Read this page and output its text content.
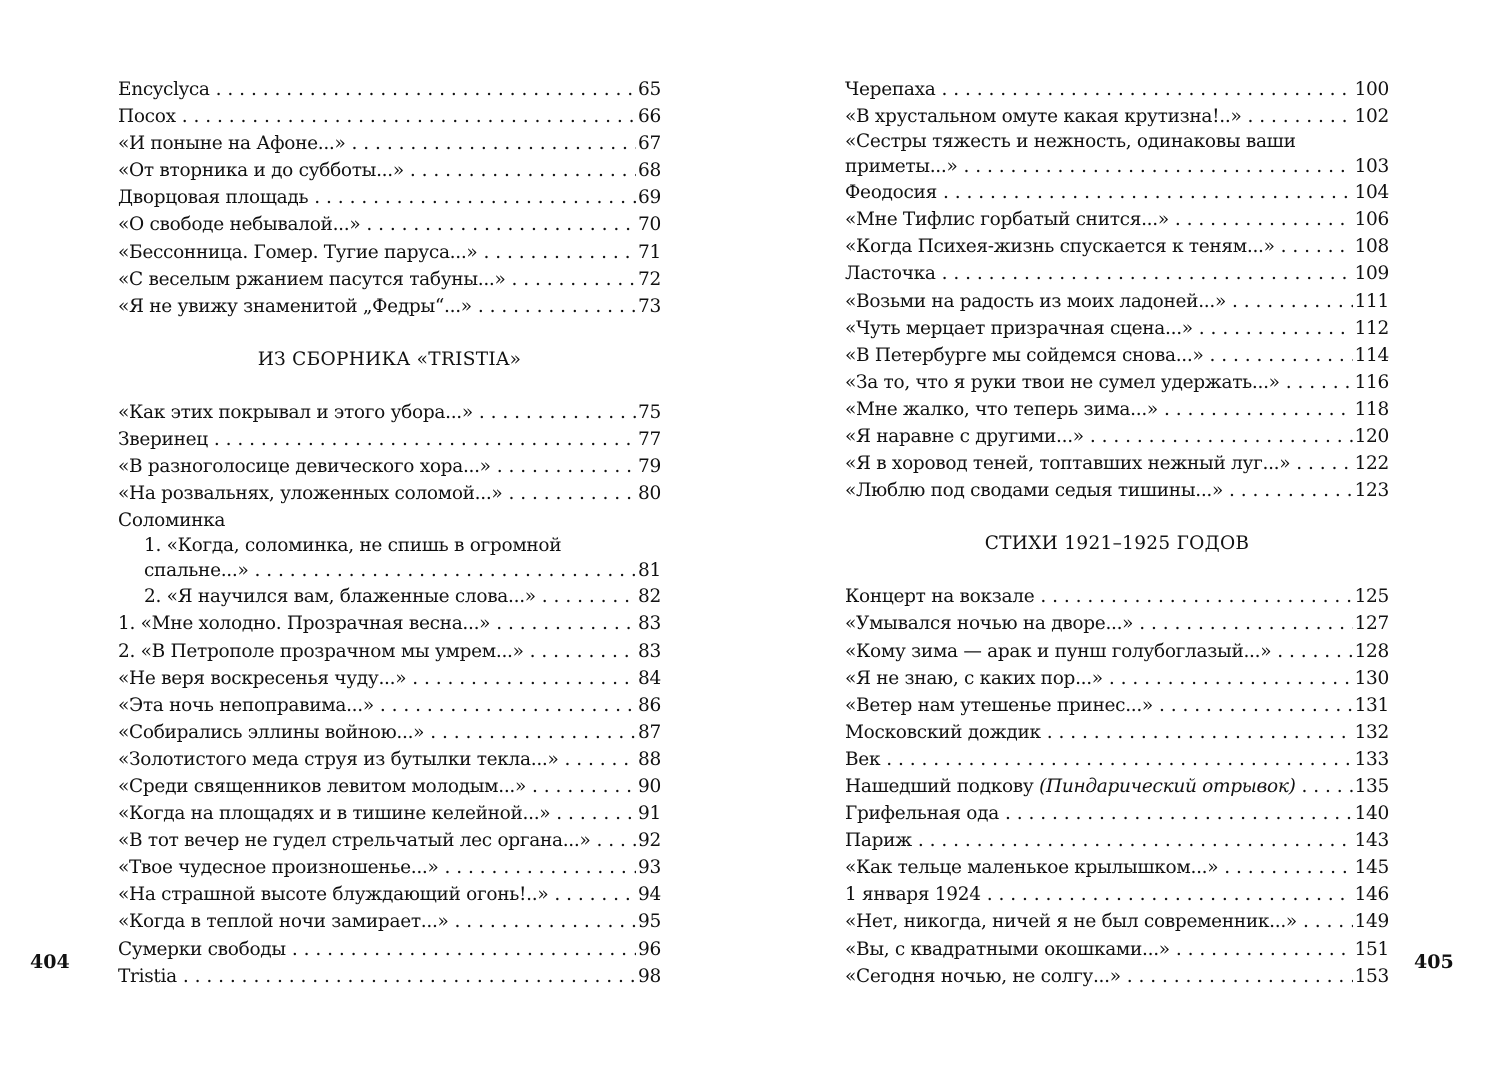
Encyclyca . . .	65
Посох . . .	66
«И поныне на Афоне...» . . .	67
«От вторника и до субботы...» . . .	68
Дворцовая площадь . . .	69
«О свободе небывалой...» . . .	70
«Бессонница. Гомер. Тугие паруса...» . . .	71
«С веселым ржанием пасутся табуны...» . . .	72
«Я не увижу знаменитой „Федры“...» . . .	73
ИЗ СБОРНИКА «TRISTIA»
«Как этих покрывал и этого убора...» . . .	75
Зверинец . . .	77
«В разноголосице девического хора...» . . .	79
«На розвальнях, уложенных соломой...» . . .	80
Соломинка
1. «Когда, соломинка, не спишь в огромной
спальне...» . . .	81
2. «Я научился вам, блаженные слова...» . . .	82
1. «Мне холодно. Прозрачная весна...» . . .	83
2. «В Петрополе прозрачном мы умрем...» . . .	83
«Не веря воскресенья чуду...» . . .	84
«Эта ночь непоправима...» . . .	86
«Собирались эллины войною...» . . .	87
«Золотистого меда струя из бутылки текла...» . . .	88
«Среди священников левитом молодым...» . . .	90
«Когда на площадях и в тишине келейной...» . . .	91
«В тот вечер не гудел стрельчатый лес органа...» . . .	92
«Твое чудесное произношенье...» . . .	93
«На страшной высоте блуждающий огонь!..» . . .	94
«Когда в теплой ночи замирает...» . . .	95
Сумерки свободы . . .	96
Tristia . . .	98
404
Черепаха . . .	100
«В хрустальном омуте какая крутизна!..» . . .	102
«Сестры тяжесть и нежность, одинаковы ваши
приметы...» . . .	103
Феодосия . . .	104
«Мне Тифлис горбатый снится...» . . .	106
«Когда Психея-жизнь спускается к теням...» . . .	108
Ласточка . . .	109
«Возьми на радость из моих ладоней...» . . .	111
«Чуть мерцает призрачная сцена...» . . .	112
«В Петербурге мы сойдемся снова...» . . .	114
«За то, что я руки твои не сумел удержать...» . . .	116
«Мне жалко, что теперь зима...» . . .	118
«Я наравне с другими...» . . .	120
«Я в хоровод теней, топтавших нежный луг...» . . .	122
«Люблю под сводами седыя тишины...» . . .	123
СТИХИ 1921–1925 ГОДОВ
Концерт на вокзале . . .	125
«Умывался ночью на дворе...» . . .	127
«Кому зима — арак и пунш голубоглазый...» . . .	128
«Я не знаю, с каких пор...» . . .	130
«Ветер нам утешенье принес...» . . .	131
Московский дождик . . .	132
Век . . .	133
Нашедший подкову (Пиндарический отрывок) . . .	135
Грифельная ода . . .	140
Париж . . .	143
«Как тельце маленькое крылышком...» . . .	145
1 января 1924 . . .	146
«Нет, никогда, ничей я не был современник...» . . .	149
«Вы, с квадратными окошками...» . . .	151
«Сегодня ночью, не солгу...» . . .	153
405
